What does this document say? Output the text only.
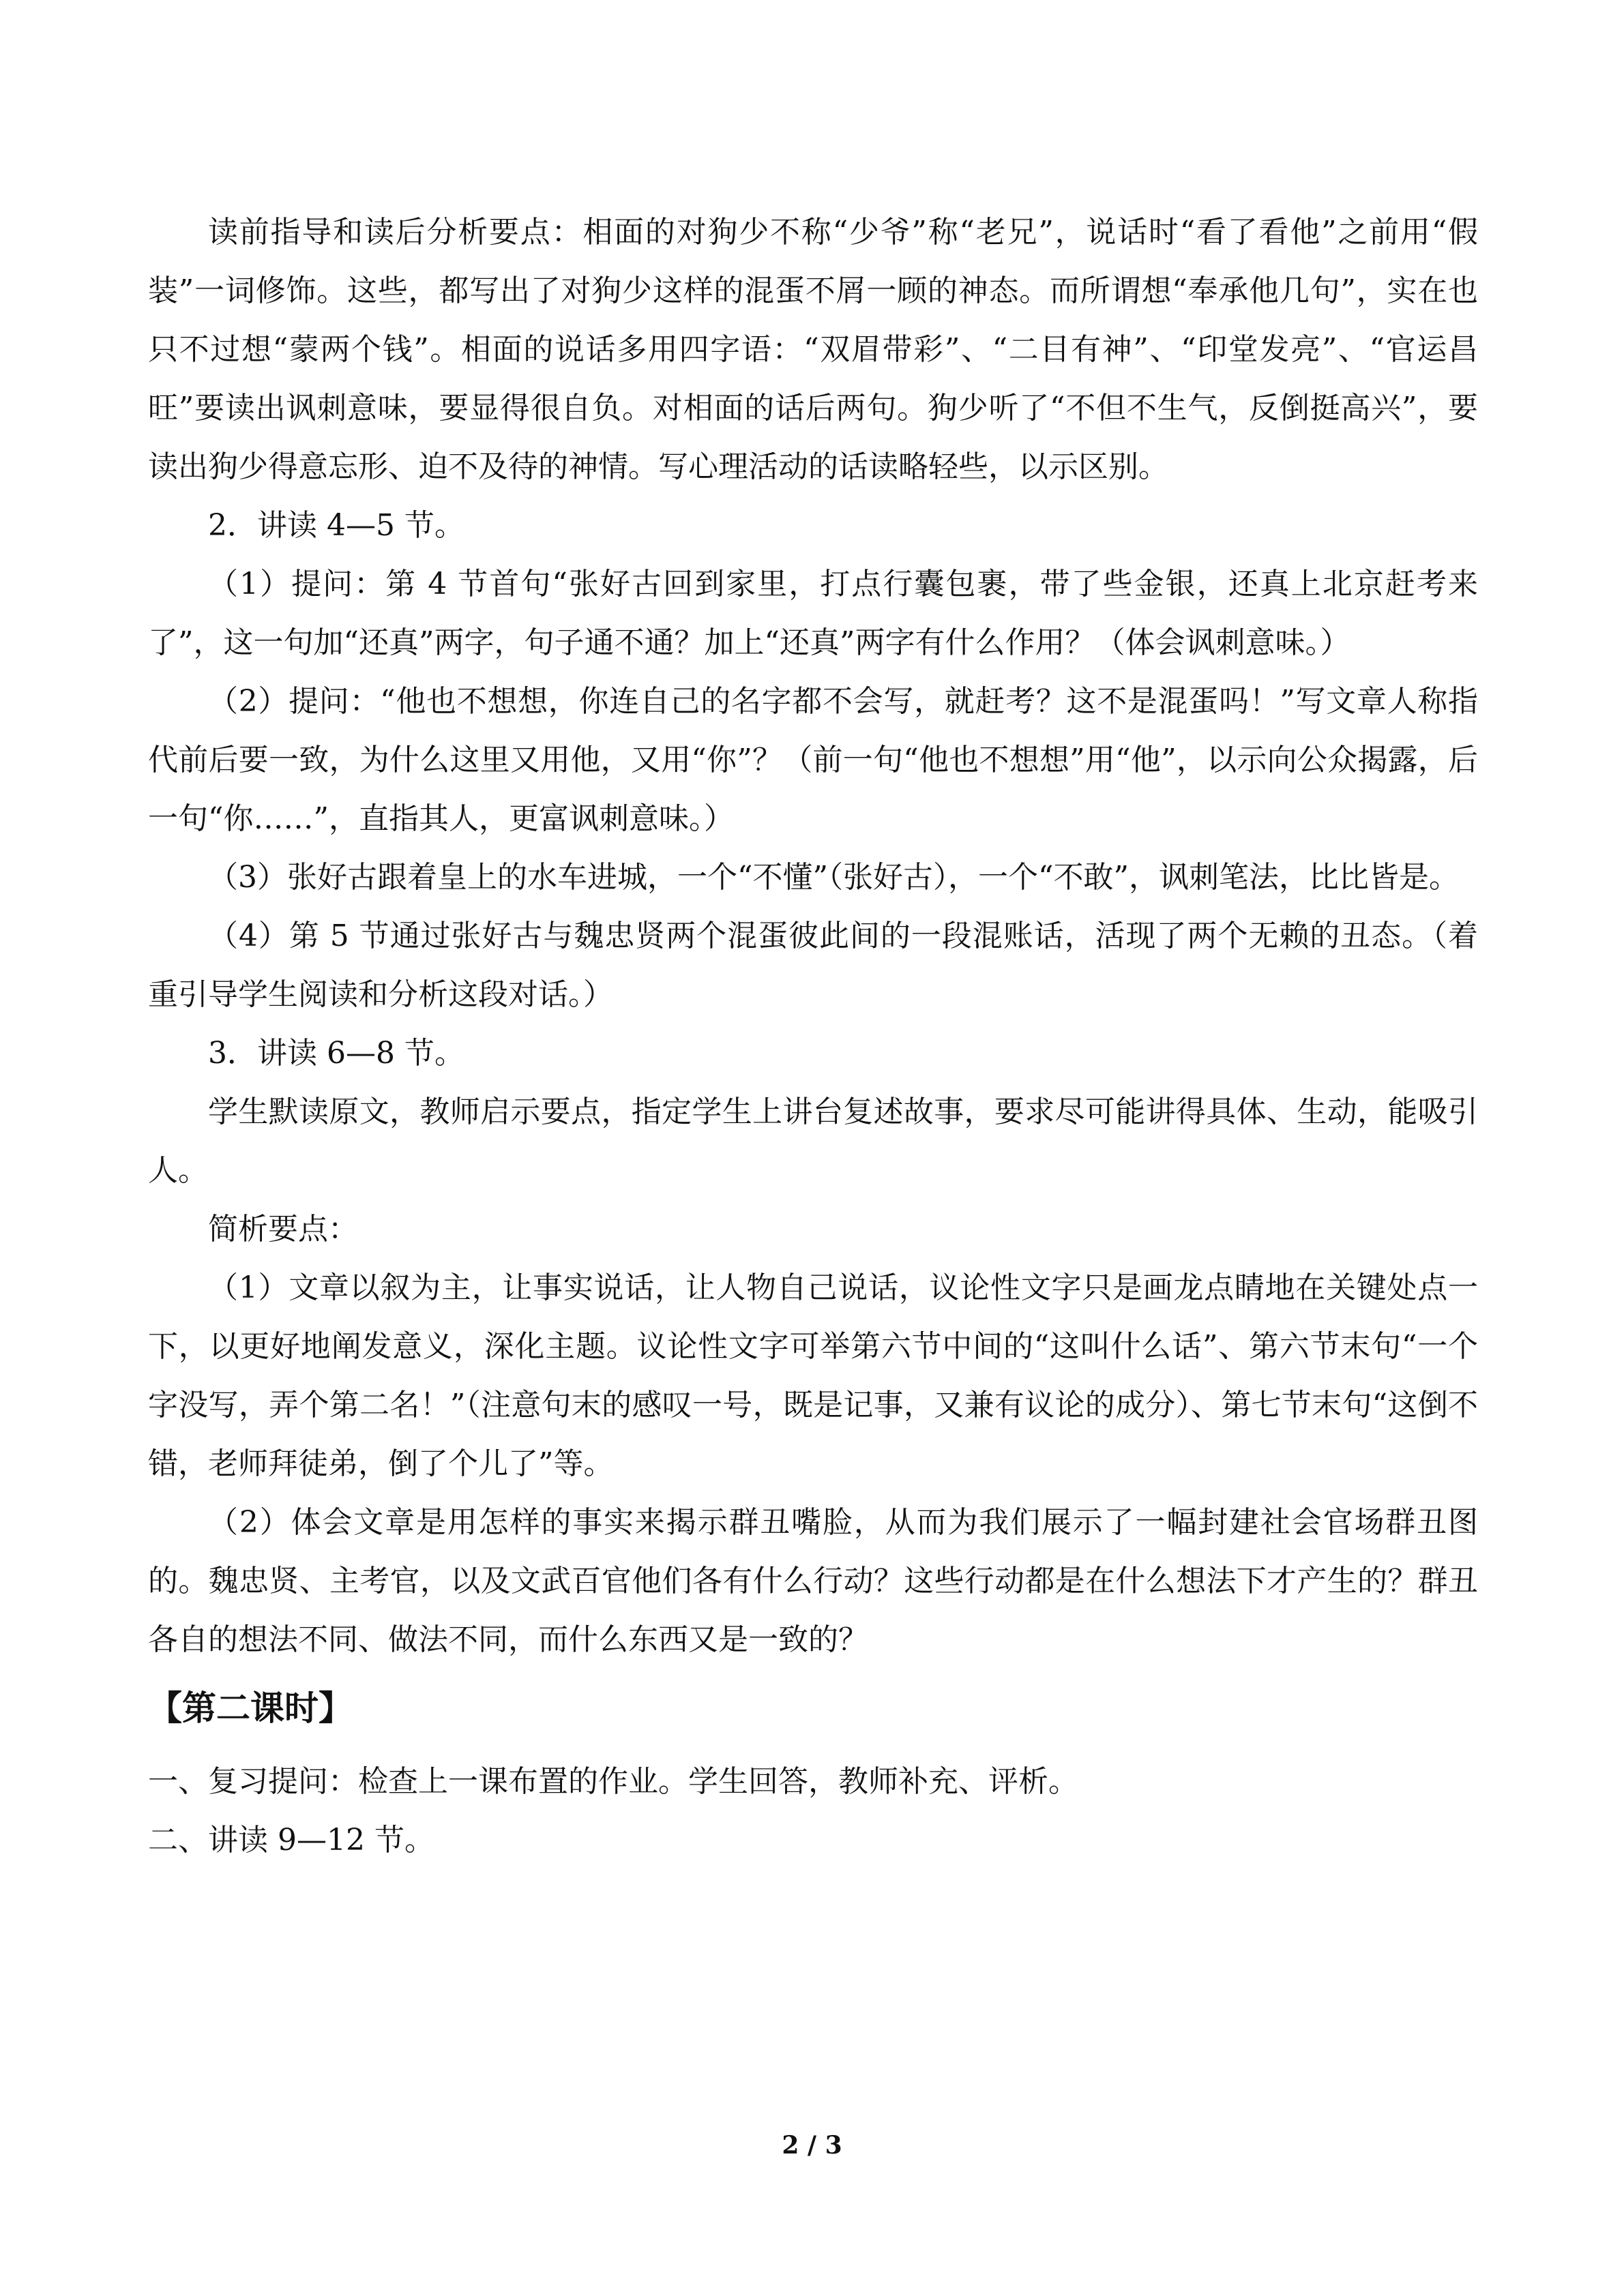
读前指导和读后分析要点：相面的对狗少不称“少爷”称“老兄”，说话时“看了看他”之前用“假装”一词修饰。这些，都写出了对狗少这样的混蛋不屑一顾的神态。而所谓想“奉承他几句”，实在也只不过想“蒙两个钱”。相面的说话多用四字语：“双眉带彩”、“二目有神”、“印堂发亮”、“官运昌旺”要读出讽刺意味，要显得很自负。对相面的话后两句。狗少听了“不但不生气，反倒挺高兴”，要读出狗少得意忘形、迫不及待的神情。写心理活动的话读略轻些，以示区别。

2．讲读 4—5 节。

（1）提问：第 4 节首句“张好古回到家里，打点行囊包裹，带了些金银，还真上北京赶考来了”，这一句加“还真”两字，句子通不通？加上“还真”两字有什么作用？（体会讽刺意味。）

（2）提问：“他也不想想，你连自己的名字都不会写，就赶考？这不是混蛋吗！”写文章人称指代前后要一致，为什么这里又用他，又用“你”？（前一句“他也不想想”用“他”，以示向公众揭露，后一句“你……”，直指其人，更富讽刺意味。）

（3）张好古跟着皇上的水车进城，一个“不懂”（张好古），一个“不敢”，讽刺笔法，比比皆是。

（4）第 5 节通过张好古与魏忠贤两个混蛋彼此间的一段混账话，活现了两个无赖的丑态。（着重引导学生阅读和分析这段对话。）

3．讲读 6—8 节。

学生默读原文，教师启示要点，指定学生上讲台复述故事，要求尽可能讲得具体、生动，能吸引人。

简析要点：

（1）文章以叙为主，让事实说话，让人物自己说话，议论性文字只是画龙点睛地在关键处点一下，以更好地阐发意义，深化主题。议论性文字可举第六节中间的“这叫什么话”、第六节末句“一个字没写，弄个第二名！”（注意句末的感叹一号，既是记事，又兼有议论的成分）、第七节末句“这倒不错，老师拜徒弟，倒了个儿了”等。

（2）体会文章是用怎样的事实来揭示群丑嘴脸，从而为我们展示了一幅封建社会官场群丑图的。魏忠贤、主考官，以及文武百官他们各有什么行动？这些行动都是在什么想法下才产生的？群丑各自的想法不同、做法不同，而什么东西又是一致的？

【第二课时】

一、复习提问：检查上一课布置的作业。学生回答，教师补充、评析。

二、讲读 9—12 节。

2 / 3
